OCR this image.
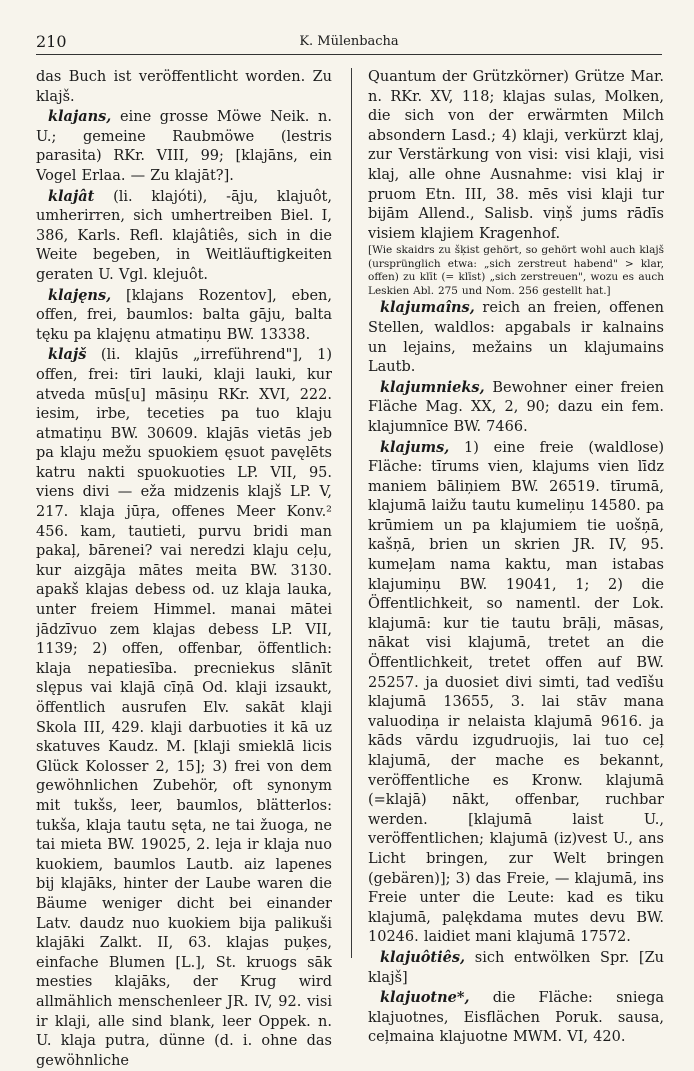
210	K. Mülenbacha

das Buch ist veröffentlicht worden. Zu klajš.

klajans, eine grosse Möwe Neik. n. U.; gemeine Raubmöwe (lestris parasita) RKr. VIII, 99; [klajāns, ein Vogel Erlaa. — Zu klajāt?].

klajât (li. klajóti), -āju, klajuôt, umherirren, sich umhertreiben Biel. I, 386, Karls. Refl. klajâtiês, sich in die Weite begeben, in Weitläuftigkeiten geraten U. Vgl. klejuôt.

klajęns, [klajans Rozentov], eben, offen, frei, baumlos: balta gāju, balta tęku pa klajęnu atmatiņu BW. 13338.

klajš (li. klajūs „irreführend"], 1) offen, frei: tīri lauki, klaji lauki, kur atveda mūs[u] māsiņu RKr. XVI, 222. iesim, irbe, teceties pa tuo klaju atmatiņu BW. 30609. klajās vietās jeb pa klaju mežu spuokiem ęsuot pavęlēts katru nakti spuokuoties LP. VII, 95. viens divi — eža midzenis klajš LP. V, 217. klaja jūŗa, offenes Meer Konv.² 456. kam, tautieti, purvu bridi man pakaļ, bārenei? vai neredzi klaju ceļu, kur aizgāja mātes meita BW. 3130. apakš klajas debess od. uz klaja lauka, unter freiem Himmel. manai mātei jādzīvuo zem klajas debess LP. VII, 1139; 2) offen, offenbar, öffentlich: klaja nepatiesība. precniekus slānīt slępus vai klajā cīņā Od. klaji izsaukt, öffentlich ausrufen Elv. sakāt klaji Skola III, 429. klaji darbuoties it kā uz skatuves Kaudz. M. [klaji smieklā licis Glück Kolosser 2, 15]; 3) frei von dem gewöhnlichen Zubehör, oft synonym mit tukšs, leer, baumlos, blätterlos: tukša, klaja tautu sęta, ne tai žuoga, ne tai mieta BW. 19025, 2. leja ir klaja nuo kuokiem, baumlos Lautb. aiz lapenes bij klajāks, hinter der Laube waren die Bäume weniger dicht bei einander Latv. daudz nuo kuokiem bija palikuši klajāki Zalkt. II, 63. klajas puķes, einfache Blumen [L.], St. kruogs sāk mesties klajāks, der Krug wird allmählich menschenleer JR. IV, 92. visi ir klaji, alle sind blank, leer Oppek. n. U. klaja putra, dünne (d. i. ohne das gewöhnliche

Quantum der Grützkörner) Grütze Mar. n. RKr. XV, 118; klajas sulas, Molken, die sich von der erwärmten Milch absondern Lasd.; 4) klaji, verkürzt klaj, zur Verstärkung von visi: visi klaji, visi klaj, alle ohne Ausnahme: visi klaj ir pruom Etn. III, 38. mēs visi klaji tur bijām Allend., Salisb. viņš jums rādīs visiem klajiem Kragenhof.

[Wie skaidrs zu šķist gehört, so gehört wohl auch klajš (ursprünglich etwa: „sich zerstreut habend" > klar, offen) zu klīt (= klīst) „sich zerstreuen", wozu es auch Leskien Abl. 275 und Nom. 256 gestellt hat.]

klajumaîns, reich an freien, offenen Stellen, waldlos: apgabals ir kalnains un lejains, mežains un klajumains Lautb.

klajumnieks, Bewohner einer freien Fläche Mag. XX, 2, 90; dazu ein fem. klajumnīce BW. 7466.

klajums, 1) eine freie (waldlose) Fläche: tīrums vien, klajums vien līdz maniem bāliņiem BW. 26519. tīrumā, klajumā laižu tautu kumeliņu 14580. pa krūmiem un pa klajumiem tie uošņā, kašņā, brien un skrien JR. IV, 95. kumeļam nama kaktu, man istabas klajumiņu BW. 19041, 1; 2) die Öffentlichkeit, so namentl. der Lok. klajumā: kur tie tautu brāļi, māsas, nākat visi klajumā, tretet an die Öffentlichkeit, tretet offen auf BW. 25257. ja duosiet divi simti, tad vedīšu klajumā 13655, 3. lai stāv mana valuodiņa ir nelaista klajumā 9616. ja kāds vārdu izgudruojis, lai tuo ceļ klajumā, der mache es bekannt, veröffentliche es Kronw. klajumā (=klajā) nākt, offenbar, ruchbar werden. [klajumā laist U., veröffentlichen; klajumā (iz)vest U., ans Licht bringen, zur Welt bringen (gebären)]; 3) das Freie, — klajumā, ins Freie unter die Leute: kad es tiku klajumā, palękdama mutes devu BW. 10246. laidiet mani klajumā 17572.

klajuôtiês, sich entwölken Spr. [Zu klajš]

klajuotne*, die Fläche: sniega klajuotnes, Eisflächen Poruk. sausa, ceļmaina klajuotne MWM. VI, 420.
